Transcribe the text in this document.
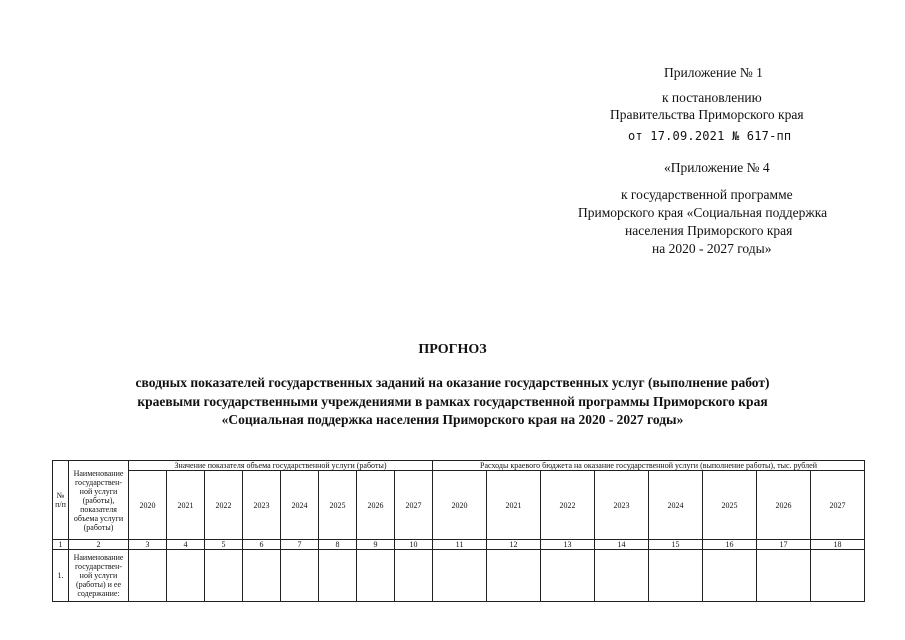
Приложение № 1
к постановлению
Правительства Приморского края
от 17.09.2021 № 617-пп
«Приложение № 4
к государственной программе
Приморского края «Социальная поддержка
населения Приморского края
на 2020 - 2027 годы»
ПРОГНОЗ
сводных показателей государственных заданий на оказание государственных услуг (выполнение работ)
краевыми государственными учреждениями в рамках государственной программы Приморского края
«Социальная поддержка населения Приморского края на 2020 - 2027 годы»
№ п/п	Наименование государствен-ной услуги (работы), показателя объема услуги (работы)	Значение показателя объема государственной услуги (работы)								Расходы краевого бюджета на оказание государственной услуги (выполнение работы), тыс. рублей							
		2020	2021	2022	2023	2024	2025	2026	2027	2020	2021	2022	2023	2024	2025	2026	2027
1	2	3	4	5	6	7	8	9	10	11	12	13	14	15	16	17	18
1.	Наименование государствен-ной услуги (работы) и ее содержание:																
